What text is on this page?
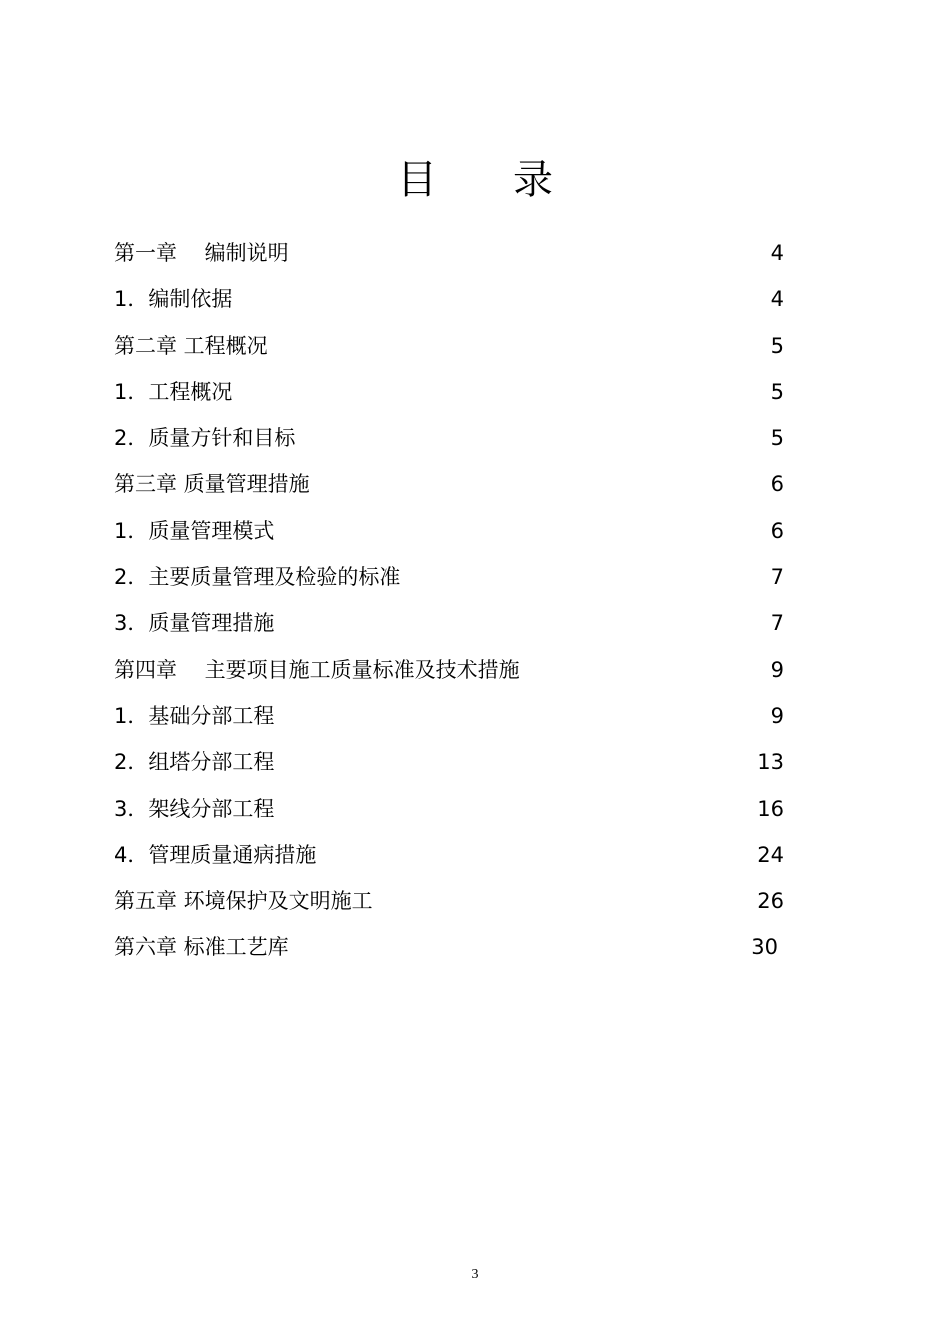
目 录
第一章　 编制说明	4
1．编制依据	4
第二章 工程概况	5
1．工程概况	5
2．质量方针和目标	5
第三章 质量管理措施	6
1．质量管理模式	6
2．主要质量管理及检验的标准	7
3．质量管理措施	7
第四章　 主要项目施工质量标准及技术措施	9
1．基础分部工程	9
2．组塔分部工程	13
3．架线分部工程	16
4．管理质量通病措施	24
第五章 环境保护及文明施工	26
第六章 标准工艺库	30
3
